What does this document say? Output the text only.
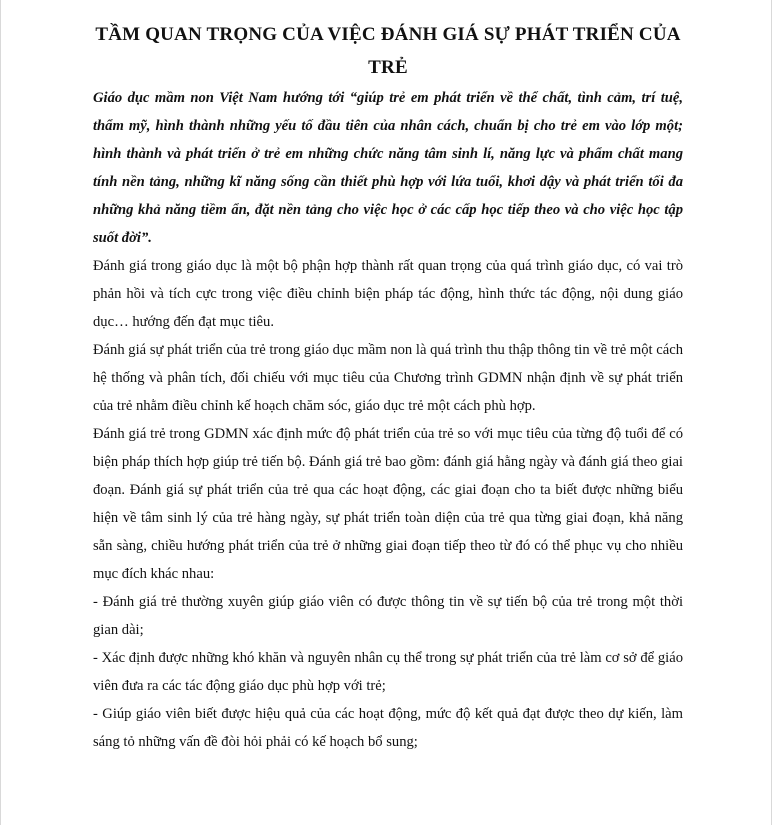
TẦM QUAN TRỌNG CỦA VIỆC ĐÁNH GIÁ SỰ PHÁT TRIỂN CỦA TRẺ

Giáo dục mầm non Việt Nam hướng tới “giúp trẻ em phát triển về thể chất, tình cảm, trí tuệ, thẩm mỹ, hình thành những yếu tố đầu tiên của nhân cách, chuẩn bị cho trẻ em vào lớp một; hình thành và phát triển ở trẻ em những chức năng tâm sinh lí, năng lực và phẩm chất mang tính nền tảng, những kĩ năng sống cần thiết phù hợp với lứa tuổi, khơi dậy và phát triển tối đa những khả năng tiềm ẩn, đặt nền tảng cho việc học ở các cấp học tiếp theo và cho việc học tập suốt đời”.

Đánh giá trong giáo dục là một bộ phận hợp thành rất quan trọng của quá trình giáo dục, có vai trò phản hồi và tích cực trong việc điều chỉnh biện pháp tác động, hình thức tác động, nội dung giáo dục… hướng đến đạt mục tiêu.

Đánh giá sự phát triển của trẻ trong giáo dục mầm non là quá trình thu thập thông tin về trẻ một cách hệ thống và phân tích, đối chiếu với mục tiêu của Chương trình GDMN nhận định về sự phát triển của trẻ nhằm điều chỉnh kế hoạch chăm sóc, giáo dục trẻ một cách phù hợp.

Đánh giá trẻ trong GDMN xác định mức độ phát triển của trẻ so với mục tiêu của từng độ tuổi để có biện pháp thích hợp giúp trẻ tiến bộ. Đánh giá trẻ bao gồm: đánh giá hằng ngày và đánh giá theo giai đoạn. Đánh giá sự phát triển của trẻ qua các hoạt động, các giai đoạn cho ta biết được những biểu hiện về tâm sinh lý của trẻ hàng ngày, sự phát triển toàn diện của trẻ qua từng giai đoạn, khả năng sẵn sàng, chiều hướng phát triển của trẻ ở những giai đoạn tiếp theo từ đó có thể phục vụ cho nhiều mục đích khác nhau:

- Đánh giá trẻ thường xuyên giúp giáo viên có được thông tin về sự tiến bộ của trẻ trong một thời gian dài;

- Xác định được những khó khăn và nguyên nhân cụ thể trong sự phát triển của trẻ làm cơ sở để giáo viên đưa ra các tác động giáo dục phù hợp với trẻ;

- Giúp giáo viên biết được hiệu quả của các hoạt động, mức độ kết quả đạt được theo dự kiến, làm sáng tỏ những vấn đề đòi hỏi phải có kế hoạch bổ sung;
